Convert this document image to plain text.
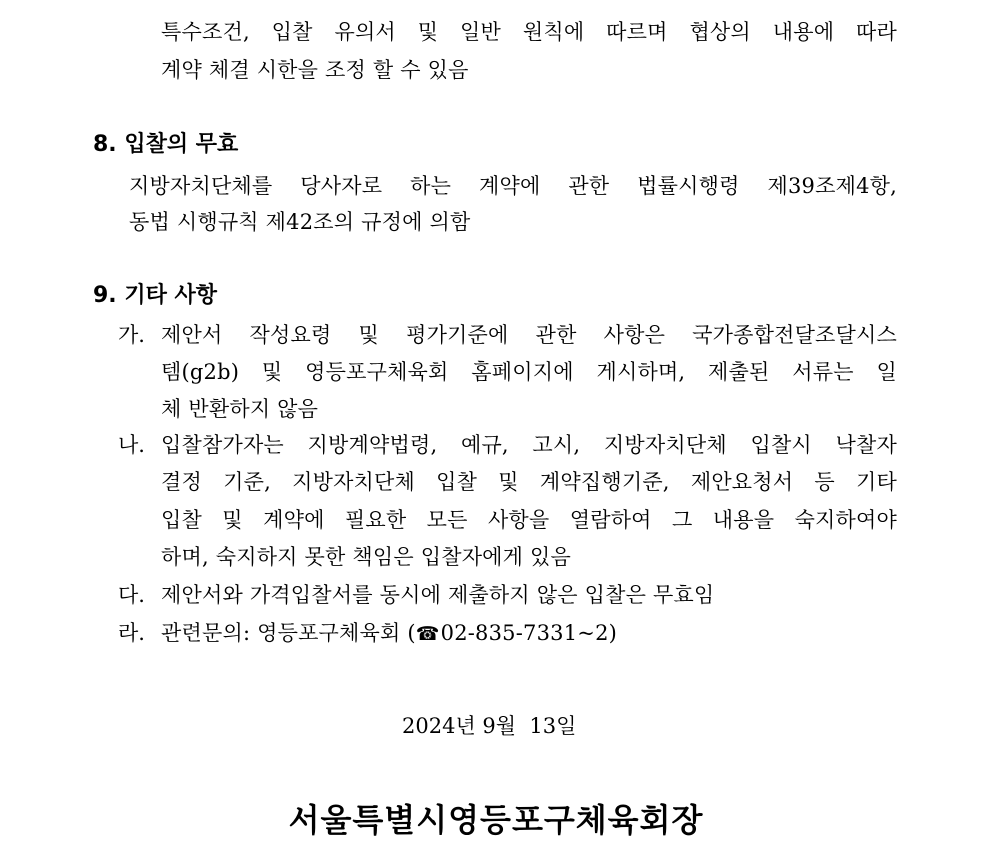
특수조건, 입찰 유의서 및 일반 원칙에 따르며 협상의 내용에 따라
계약 체결 시한을 조정 할 수 있음
8. 입찰의 무효
지방자치단체를 당사자로 하는 계약에 관한 법률시행령 제39조제4항,
동법 시행규칙 제42조의 규정에 의함
9. 기타 사항
가. 제안서 작성요령 및 평가기준에 관한 사항은 국가종합전달조달시스
템(g2b) 및 영등포구체육회 홈페이지에 게시하며, 제출된 서류는 일
체 반환하지 않음
나. 입찰참가자는 지방계약법령, 예규, 고시, 지방자치단체 입찰시 낙찰자
결정 기준, 지방자치단체 입찰 및 계약집행기준, 제안요청서 등 기타
입찰 및 계약에 필요한 모든 사항을 열람하여 그 내용을 숙지하여야
하며, 숙지하지 못한 책임은 입찰자에게 있음
다. 제안서와 가격입찰서를 동시에 제출하지 않은 입찰은 무효임
라. 관련문의: 영등포구체육회 (☎02-835-7331~2)
2024년 9월  13일
서울특별시영등포구체육회장
